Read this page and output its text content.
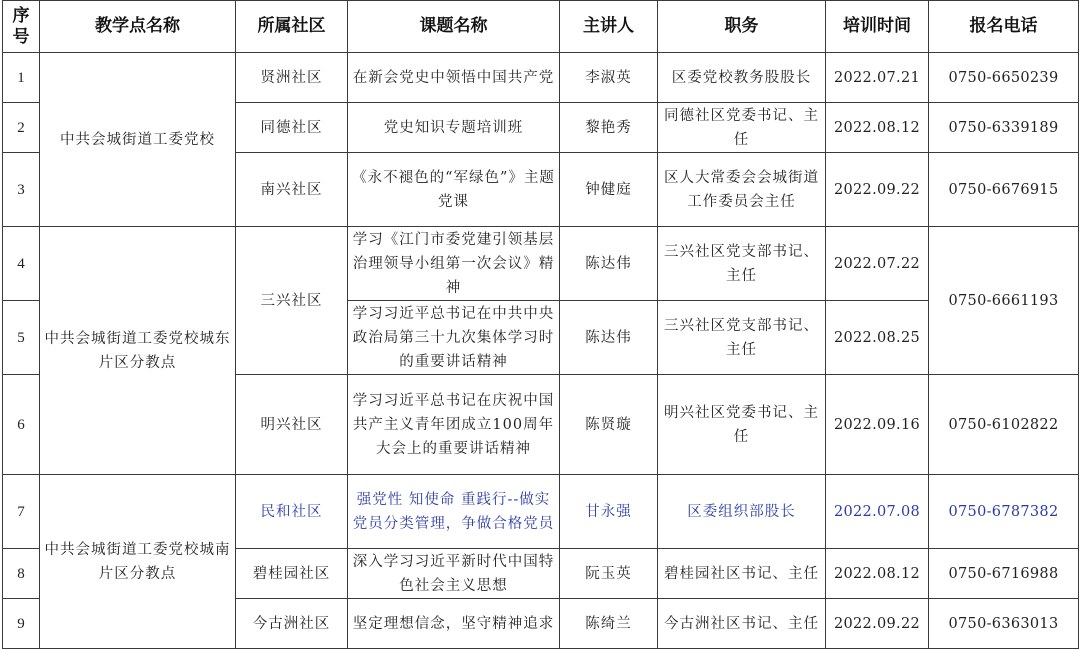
序号	教学点名称	所属社区	课题名称	主讲人	职务	培训时间	报名电话
1	中共会城街道工委党校	贤洲社区	在新会党史中领悟中国共产党	李淑英	区委党校教务股股长	2022.07.21	0750-6650239
2		同德社区	党史知识专题培训班	黎艳秀	同德社区党委书记、主任	2022.08.12	0750-6339189
3		南兴社区	《永不褪色的“军绿色”》主题党课	钟健庭	区人大常委会会城街道工作委员会主任	2022.09.22	0750-6676915
4	中共会城街道工委党校城东片区分教点	三兴社区	学习《江门市委党建引领基层治理领导小组第一次会议》精神	陈达伟	三兴社区党支部书记、主任	2022.07.22	0750-6661193
5			学习习近平总书记在中共中央政治局第三十九次集体学习时的重要讲话精神	陈达伟	三兴社区党支部书记、主任	2022.08.25	
6		明兴社区	学习习近平总书记在庆祝中国共产主义青年团成立100周年大会上的重要讲话精神	陈贤璇	明兴社区党委书记、主任	2022.09.16	0750-6102822
7	中共会城街道工委党校城南片区分教点	民和社区	强党性 知使命 重践行--做实党员分类管理，争做合格党员	甘永强	区委组织部股长	2022.07.08	0750-6787382
8		碧桂园社区	深入学习习近平新时代中国特色社会主义思想	阮玉英	碧桂园社区书记、主任	2022.08.12	0750-6716988
9		今古洲社区	坚定理想信念，坚守精神追求	陈绮兰	今古洲社区书记、主任	2022.09.22	0750-6363013
